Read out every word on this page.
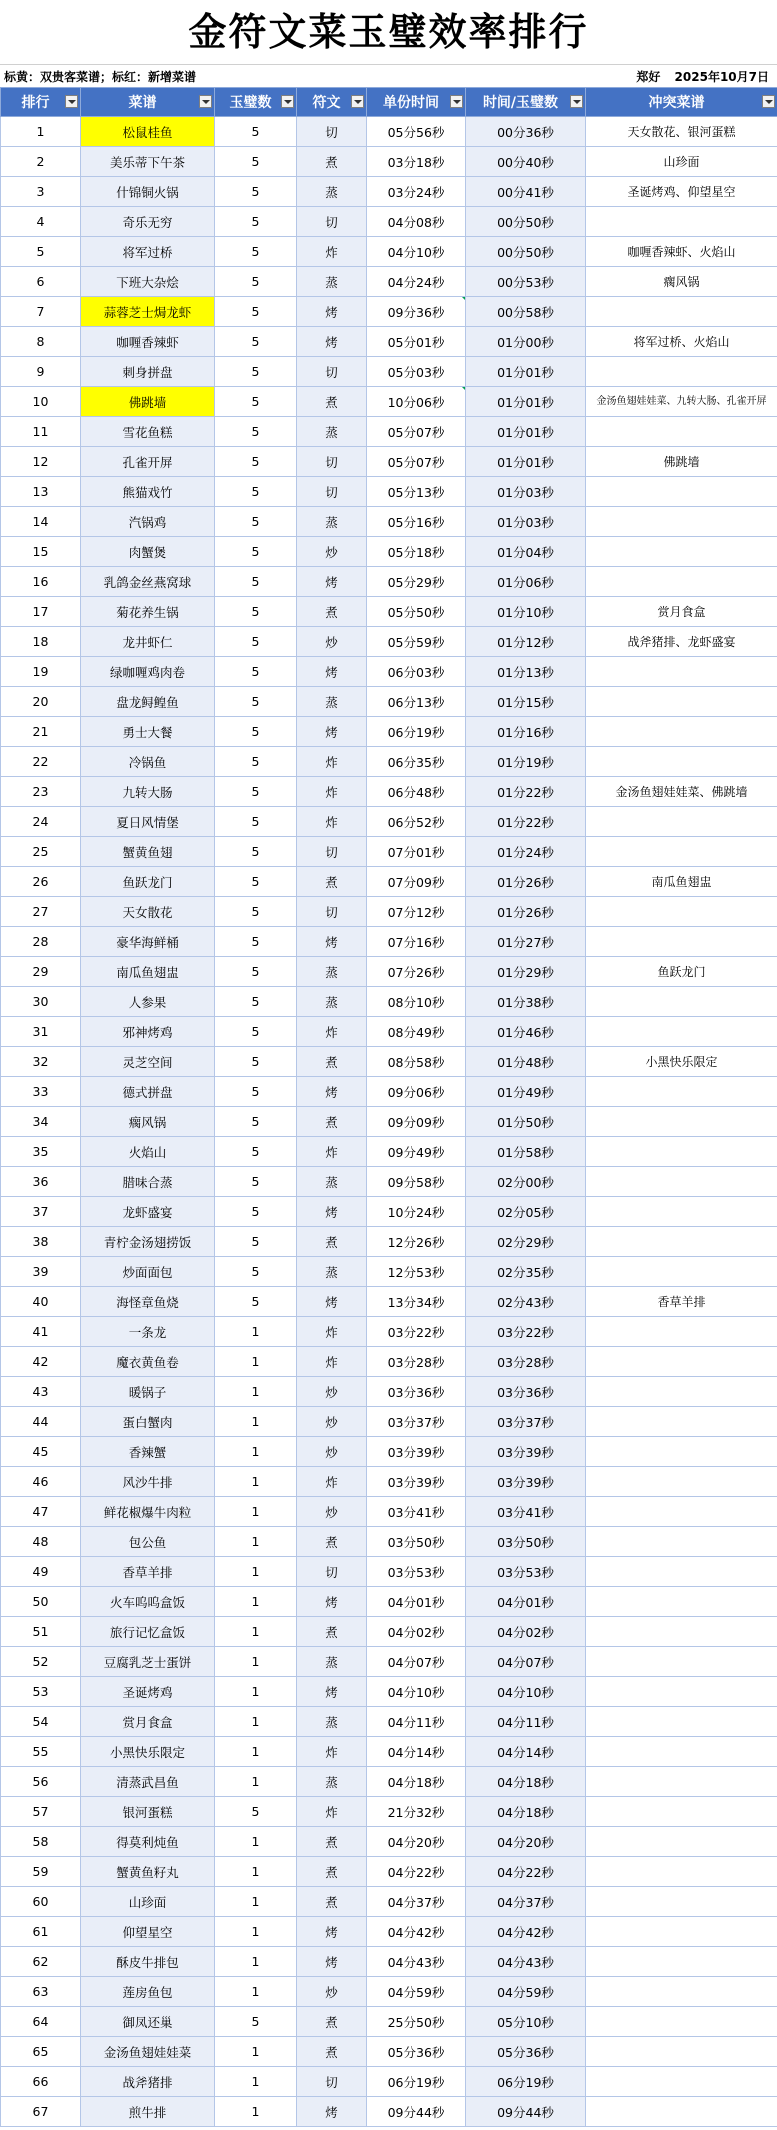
金符文菜玉璧效率排行
标黄：双贵客菜谱；标红：新增菜谱	郑好 2025年10月7日
排行	菜谱	玉璧数	符文	单份时间	时间/玉璧数	冲突菜谱

1	松鼠桂鱼	5	切	05分56秒	00分36秒	天女散花、银河蛋糕
2	美乐蒂下午茶	5	煮	03分18秒	00分40秒	山珍面
3	什锦铜火锅	5	蒸	03分24秒	00分41秒	圣诞烤鸡、仰望星空
4	奇乐无穷	5	切	04分08秒	00分50秒	
5	将军过桥	5	炸	04分10秒	00分50秒	咖喱香辣虾、火焰山
6	下班大杂烩	5	蒸	04分24秒	00分53秒	瘸风锅
7	蒜蓉芝士焗龙虾	5	烤	09分36秒	00分58秒	
8	咖喱香辣虾	5	烤	05分01秒	01分00秒	将军过桥、火焰山
9	刺身拼盘	5	切	05分03秒	01分01秒	
10	佛跳墙	5	煮	10分06秒	01分01秒	金汤鱼翅娃娃菜、九转大肠、孔雀开屏
11	雪花鱼糕	5	蒸	05分07秒	01分01秒	
12	孔雀开屏	5	切	05分07秒	01分01秒	佛跳墙
13	熊猫戏竹	5	切	05分13秒	01分03秒	
14	汽锅鸡	5	蒸	05分16秒	01分03秒	
15	肉蟹煲	5	炒	05分18秒	01分04秒	
16	乳鸽金丝燕窝球	5	烤	05分29秒	01分06秒	
17	菊花养生锅	5	煮	05分50秒	01分10秒	赏月食盒
18	龙井虾仁	5	炒	05分59秒	01分12秒	战斧猪排、龙虾盛宴
19	绿咖喱鸡肉卷	5	烤	06分03秒	01分13秒	
20	盘龙鲟鳇鱼	5	蒸	06分13秒	01分15秒	
21	勇士大餐	5	烤	06分19秒	01分16秒	
22	冷锅鱼	5	炸	06分35秒	01分19秒	
23	九转大肠	5	炸	06分48秒	01分22秒	金汤鱼翅娃娃菜、佛跳墙
24	夏日风情堡	5	炸	06分52秒	01分22秒	
25	蟹黄鱼翅	5	切	07分01秒	01分24秒	
26	鱼跃龙门	5	煮	07分09秒	01分26秒	南瓜鱼翅盅
27	天女散花	5	切	07分12秒	01分26秒	
28	豪华海鲜桶	5	烤	07分16秒	01分27秒	
29	南瓜鱼翅盅	5	蒸	07分26秒	01分29秒	鱼跃龙门
30	人参果	5	蒸	08分10秒	01分38秒	
31	邪神烤鸡	5	炸	08分49秒	01分46秒	
32	灵芝空间	5	煮	08分58秒	01分48秒	小黑快乐限定
33	德式拼盘	5	烤	09分06秒	01分49秒	
34	瘸风锅	5	煮	09分09秒	01分50秒	
35	火焰山	5	炸	09分49秒	01分58秒	
36	腊味合蒸	5	蒸	09分58秒	02分00秒	
37	龙虾盛宴	5	烤	10分24秒	02分05秒	
38	青柠金汤翅捞饭	5	煮	12分26秒	02分29秒	
39	炒面面包	5	蒸	12分53秒	02分35秒	
40	海怪章鱼烧	5	烤	13分34秒	02分43秒	香草羊排
41	一条龙	1	炸	03分22秒	03分22秒	
42	魔衣黄鱼卷	1	炸	03分28秒	03分28秒	
43	暖锅子	1	炒	03分36秒	03分36秒	
44	蛋白蟹肉	1	炒	03分37秒	03分37秒	
45	香辣蟹	1	炒	03分39秒	03分39秒	
46	风沙牛排	1	炸	03分39秒	03分39秒	
47	鲜花椒爆牛肉粒	1	炒	03分41秒	03分41秒	
48	包公鱼	1	煮	03分50秒	03分50秒	
49	香草羊排	1	切	03分53秒	03分53秒	
50	火车呜呜盒饭	1	烤	04分01秒	04分01秒	
51	旅行记忆盒饭	1	煮	04分02秒	04分02秒	
52	豆腐乳芝士蛋饼	1	蒸	04分07秒	04分07秒	
53	圣诞烤鸡	1	烤	04分10秒	04分10秒	
54	赏月食盒	1	蒸	04分11秒	04分11秒	
55	小黑快乐限定	1	炸	04分14秒	04分14秒	
56	清蒸武昌鱼	1	蒸	04分18秒	04分18秒	
57	银河蛋糕	5	炸	21分32秒	04分18秒	
58	得莫利炖鱼	1	煮	04分20秒	04分20秒	
59	蟹黄鱼籽丸	1	煮	04分22秒	04分22秒	
60	山珍面	1	煮	04分37秒	04分37秒	
61	仰望星空	1	烤	04分42秒	04分42秒	
62	酥皮牛排包	1	烤	04分43秒	04分43秒	
63	莲房鱼包	1	炒	04分59秒	04分59秒	
64	御凤还巢	5	煮	25分50秒	05分10秒	
65	金汤鱼翅娃娃菜	1	煮	05分36秒	05分36秒	
66	战斧猪排	1	切	06分19秒	06分19秒	
67	煎牛排	1	烤	09分44秒	09分44秒	
